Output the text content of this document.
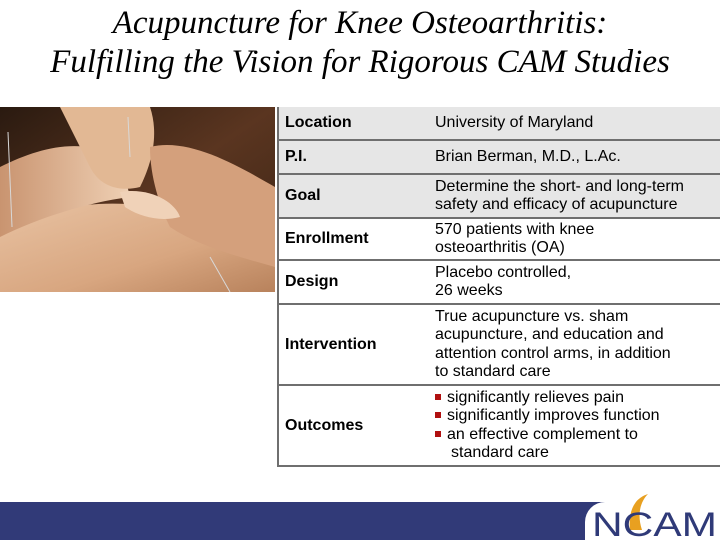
Acupuncture for Knee Osteoarthritis:
Fulfilling the Vision for Rigorous CAM Studies
Location	University of Maryland
P.I.	Brian Berman, M.D., L.Ac.
Goal
Determine the short- and long-term
safety and efficacy of acupuncture
Enrollment
570 patients with knee
osteoarthritis (OA)
Design
Placebo controlled,
26 weeks
Intervention
True acupuncture vs. sham
acupuncture, and education and
attention control arms, in addition
to standard care
Outcomes
significantly relieves pain
significantly improves function
an effective complement to
standard care
NCAM
